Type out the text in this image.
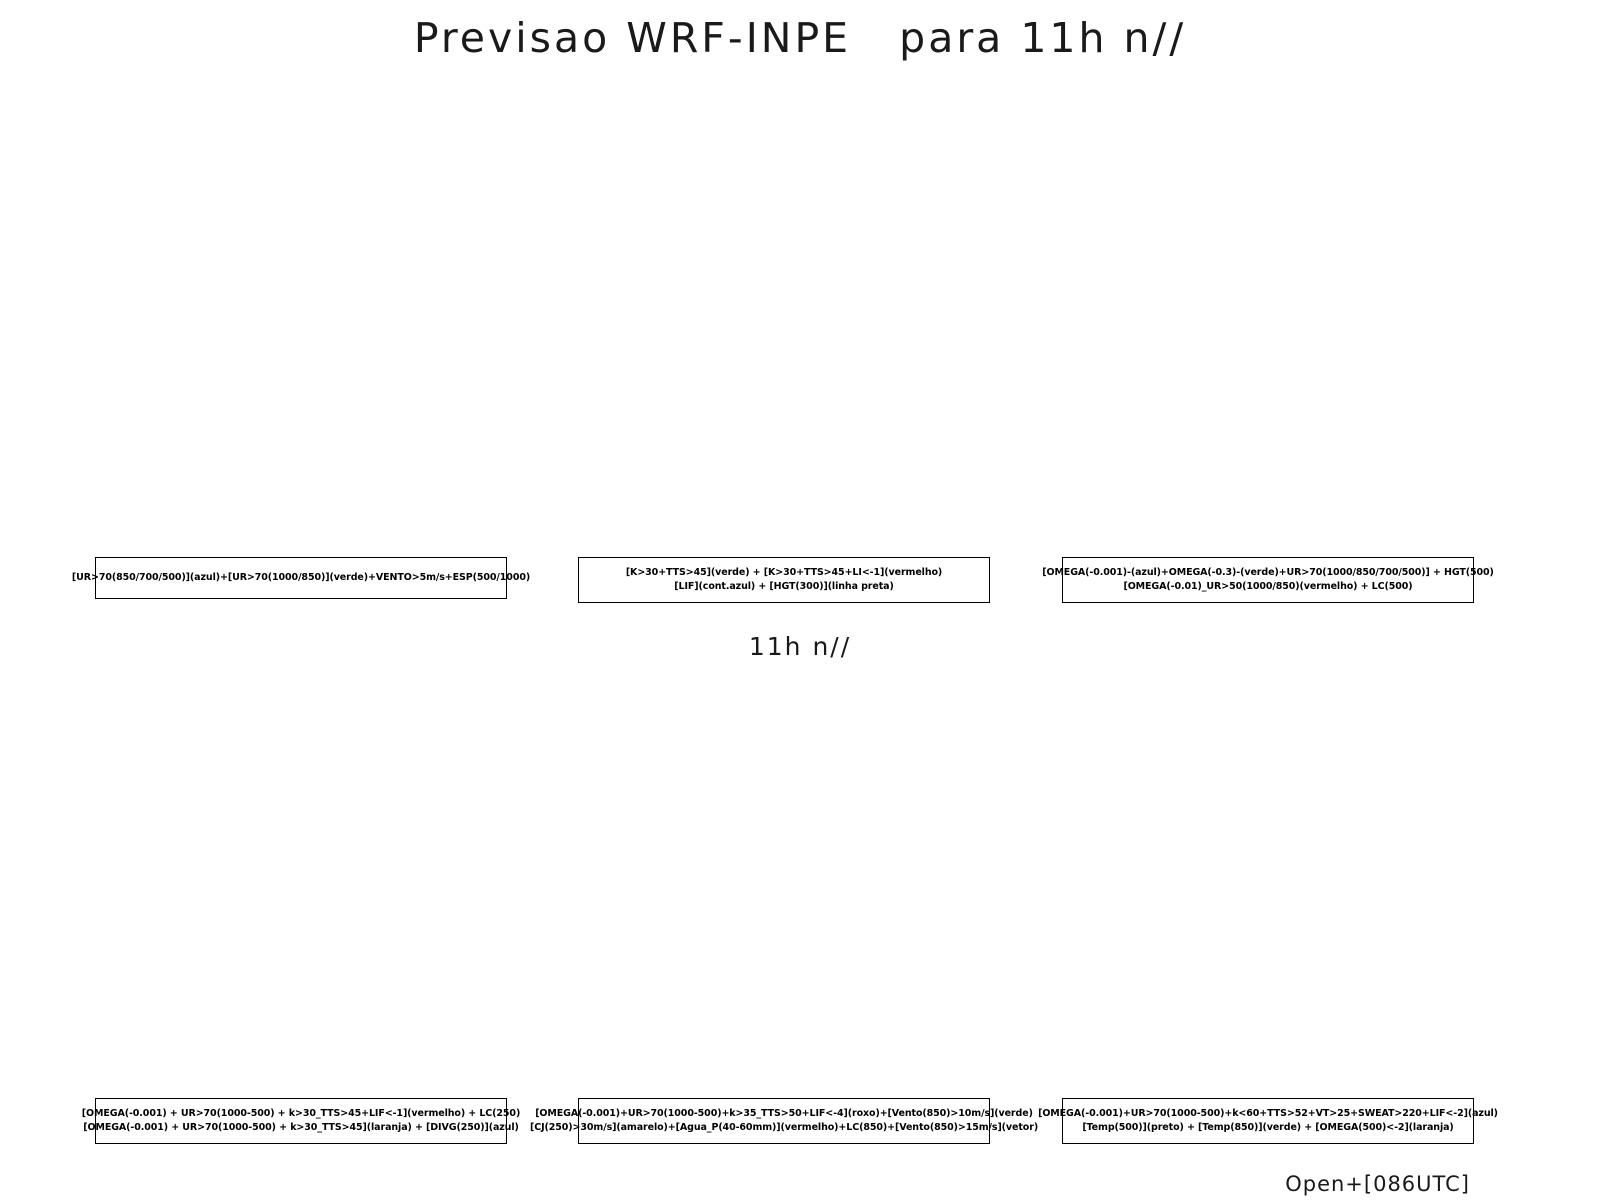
Previsao WRF-INPE   para 11h n//
[UR>70(850/700/500)](azul)+[UR>70(1000/850)](verde)+VENTO>5m/s+ESP(500/1000)	[K>30+TTS>45](verde) + [K>30+TTS>45+LI<-1](vermelho)
[LIF](cont.azul) + [HGT(300)](linha preta)
[OMEGA(-0.001)-(azul)+OMEGA(-0.3)-(verde)+UR>70(1000/850/700/500)] + HGT(500)
[OMEGA(-0.01)_UR>50(1000/850)(vermelho) + LC(500)
11h n//
[OMEGA(-0.001) + UR>70(1000-500) + k>30_TTS>45+LIF<-1](vermelho) + LC(250)
[OMEGA(-0.001) + UR>70(1000-500) + k>30_TTS>45](laranja) + [DIVG(250)](azul)
[OMEGA(-0.001)+UR>70(1000-500)+k>35_TTS>50+LIF<-4](roxo)+[Vento(850)>10m/s](verde)
[CJ(250)>30m/s](amarelo)+[Agua_P(40-60mm)](vermelho)+LC(850)+[Vento(850)>15m/s](vetor)
[OMEGA(-0.001)+UR>70(1000-500)+k<60+TTS>52+VT>25+SWEAT>220+LIF<-2](azul)
[Temp(500)](preto) + [Temp(850)](verde) + [OMEGA(500)<-2](laranja)
Open+[086UTC]
